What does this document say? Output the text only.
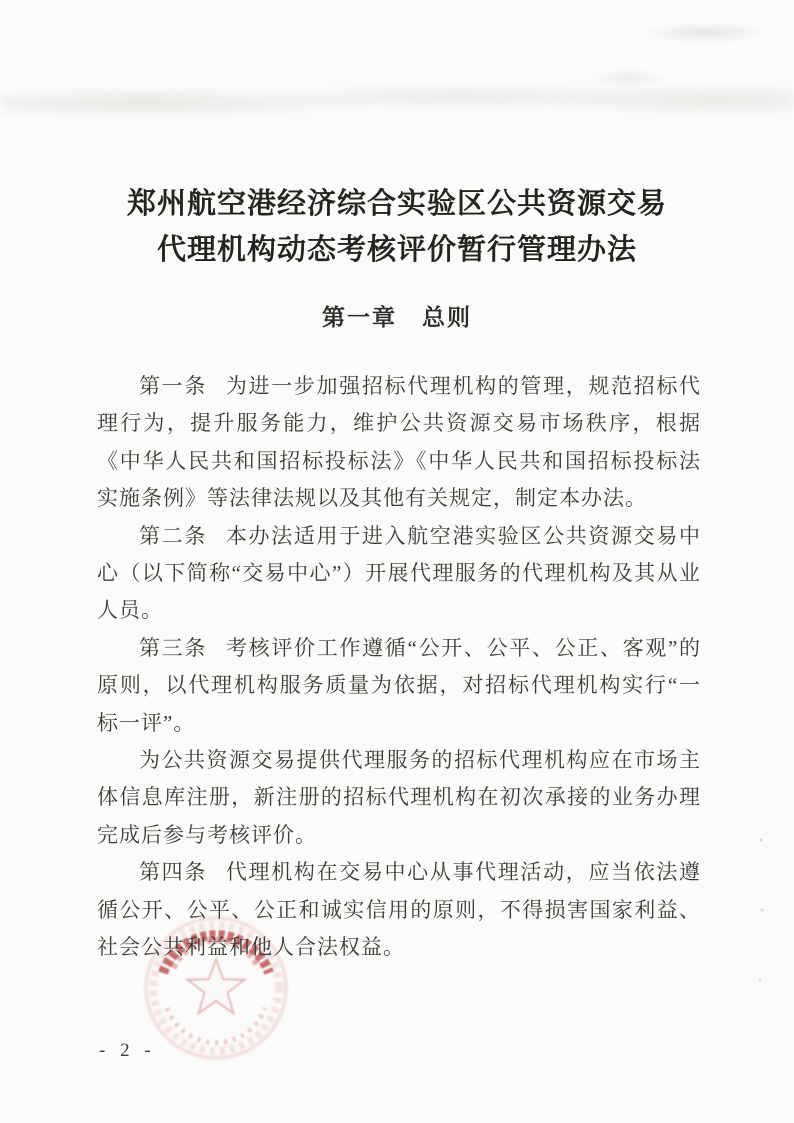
郑州航空港经济综合实验区公共资源交易
代理机构动态考核评价暂行管理办法
第一章　总则

第一条 为进一步加强招标代理机构的管理，规范招标代理行为，提升服务能力，维护公共资源交易市场秩序，根据《中华人民共和国招标投标法》《中华人民共和国招标投标法实施条例》等法律法规以及其他有关规定，制定本办法。

第二条 本办法适用于进入航空港实验区公共资源交易中心（以下简称“交易中心”）开展代理服务的代理机构及其从业人员。

第三条 考核评价工作遵循“公开、公平、公正、客观”的原则，以代理机构服务质量为依据，对招标代理机构实行“一标一评”。

为公共资源交易提供代理服务的招标代理机构应在市场主体信息库注册，新注册的招标代理机构在初次承接的业务办理完成后参与考核评价。

第四条 代理机构在交易中心从事代理活动，应当依法遵循公开、公平、公正和诚实信用的原则，不得损害国家利益、社会公共利益和他人合法权益。

- 2 -
